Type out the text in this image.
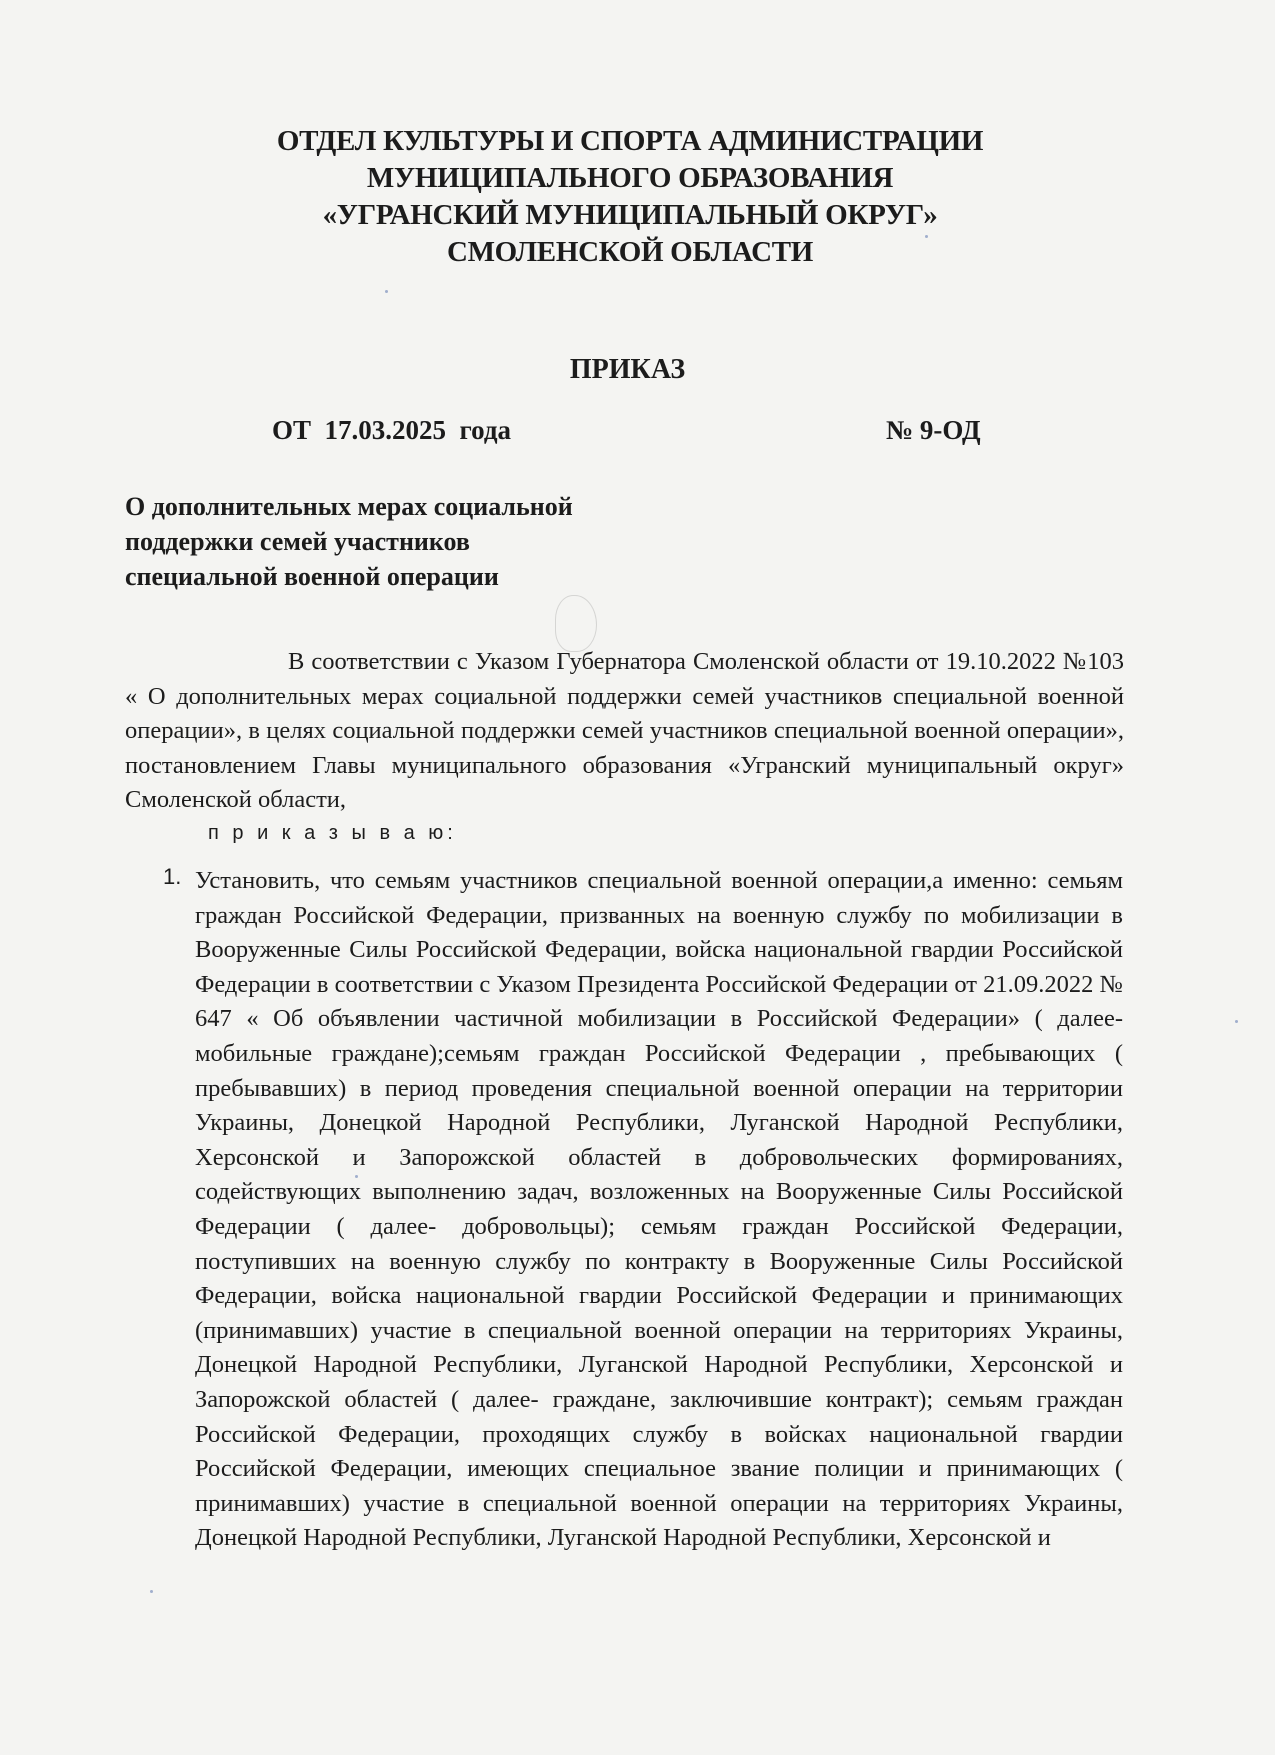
ОТДЕЛ КУЛЬТУРЫ И СПОРТА АДМИНИСТРАЦИИ
МУНИЦИПАЛЬНОГО ОБРАЗОВАНИЯ
«УГРАНСКИЙ МУНИЦИПАЛЬНЫЙ ОКРУГ»
СМОЛЕНСКОЙ ОБЛАСТИ
ПРИКАЗ
ОТ  17.03.2025  года	№ 9-ОД
О дополнительных мерах социальной
поддержки семей участников
специальной военной операции
В соответствии с Указом Губернатора Смоленской области от 19.10.2022 №103 « О дополнительных мерах социальной поддержки семей участников специальной военной операции», в целях социальной поддержки семей участников специальной военной операции», постановлением Главы муниципального образования «Угранский муниципальный округ» Смоленской области,
п р и к а з ы в а ю:
1. Установить, что семьям участников специальной военной операции,а именно: семьям граждан Российской Федерации, призванных на военную службу по мобилизации в Вооруженные Силы Российской Федерации, войска национальной гвардии Российской Федерации в соответствии с Указом Президента Российской Федерации от 21.09.2022 № 647 « Об объявлении частичной мобилизации в Российской Федерации» ( далее- мобильные граждане);семьям граждан Российской Федерации , пребывающих ( пребывавших) в период проведения специальной военной операции на территории Украины, Донецкой Народной Республики, Луганской Народной Республики, Херсонской и Запорожской областей в добровольческих формированиях, содействующих выполнению задач, возложенных на Вооруженные Силы Российской Федерации ( далее- добровольцы); семьям граждан Российской Федерации, поступивших на военную службу по контракту в Вооруженные Силы Российской Федерации, войска национальной гвардии Российской Федерации и принимающих (принимавших) участие в специальной военной операции на территориях Украины, Донецкой Народной Республики, Луганской Народной Республики, Херсонской и Запорожской областей ( далее- граждане, заключившие контракт); семьям граждан Российской Федерации, проходящих службу в войсках национальной гвардии Российской Федерации, имеющих специальное звание полиции и принимающих ( принимавших) участие в специальной военной операции на территориях Украины, Донецкой Народной Республики, Луганской Народной Республики, Херсонской и
